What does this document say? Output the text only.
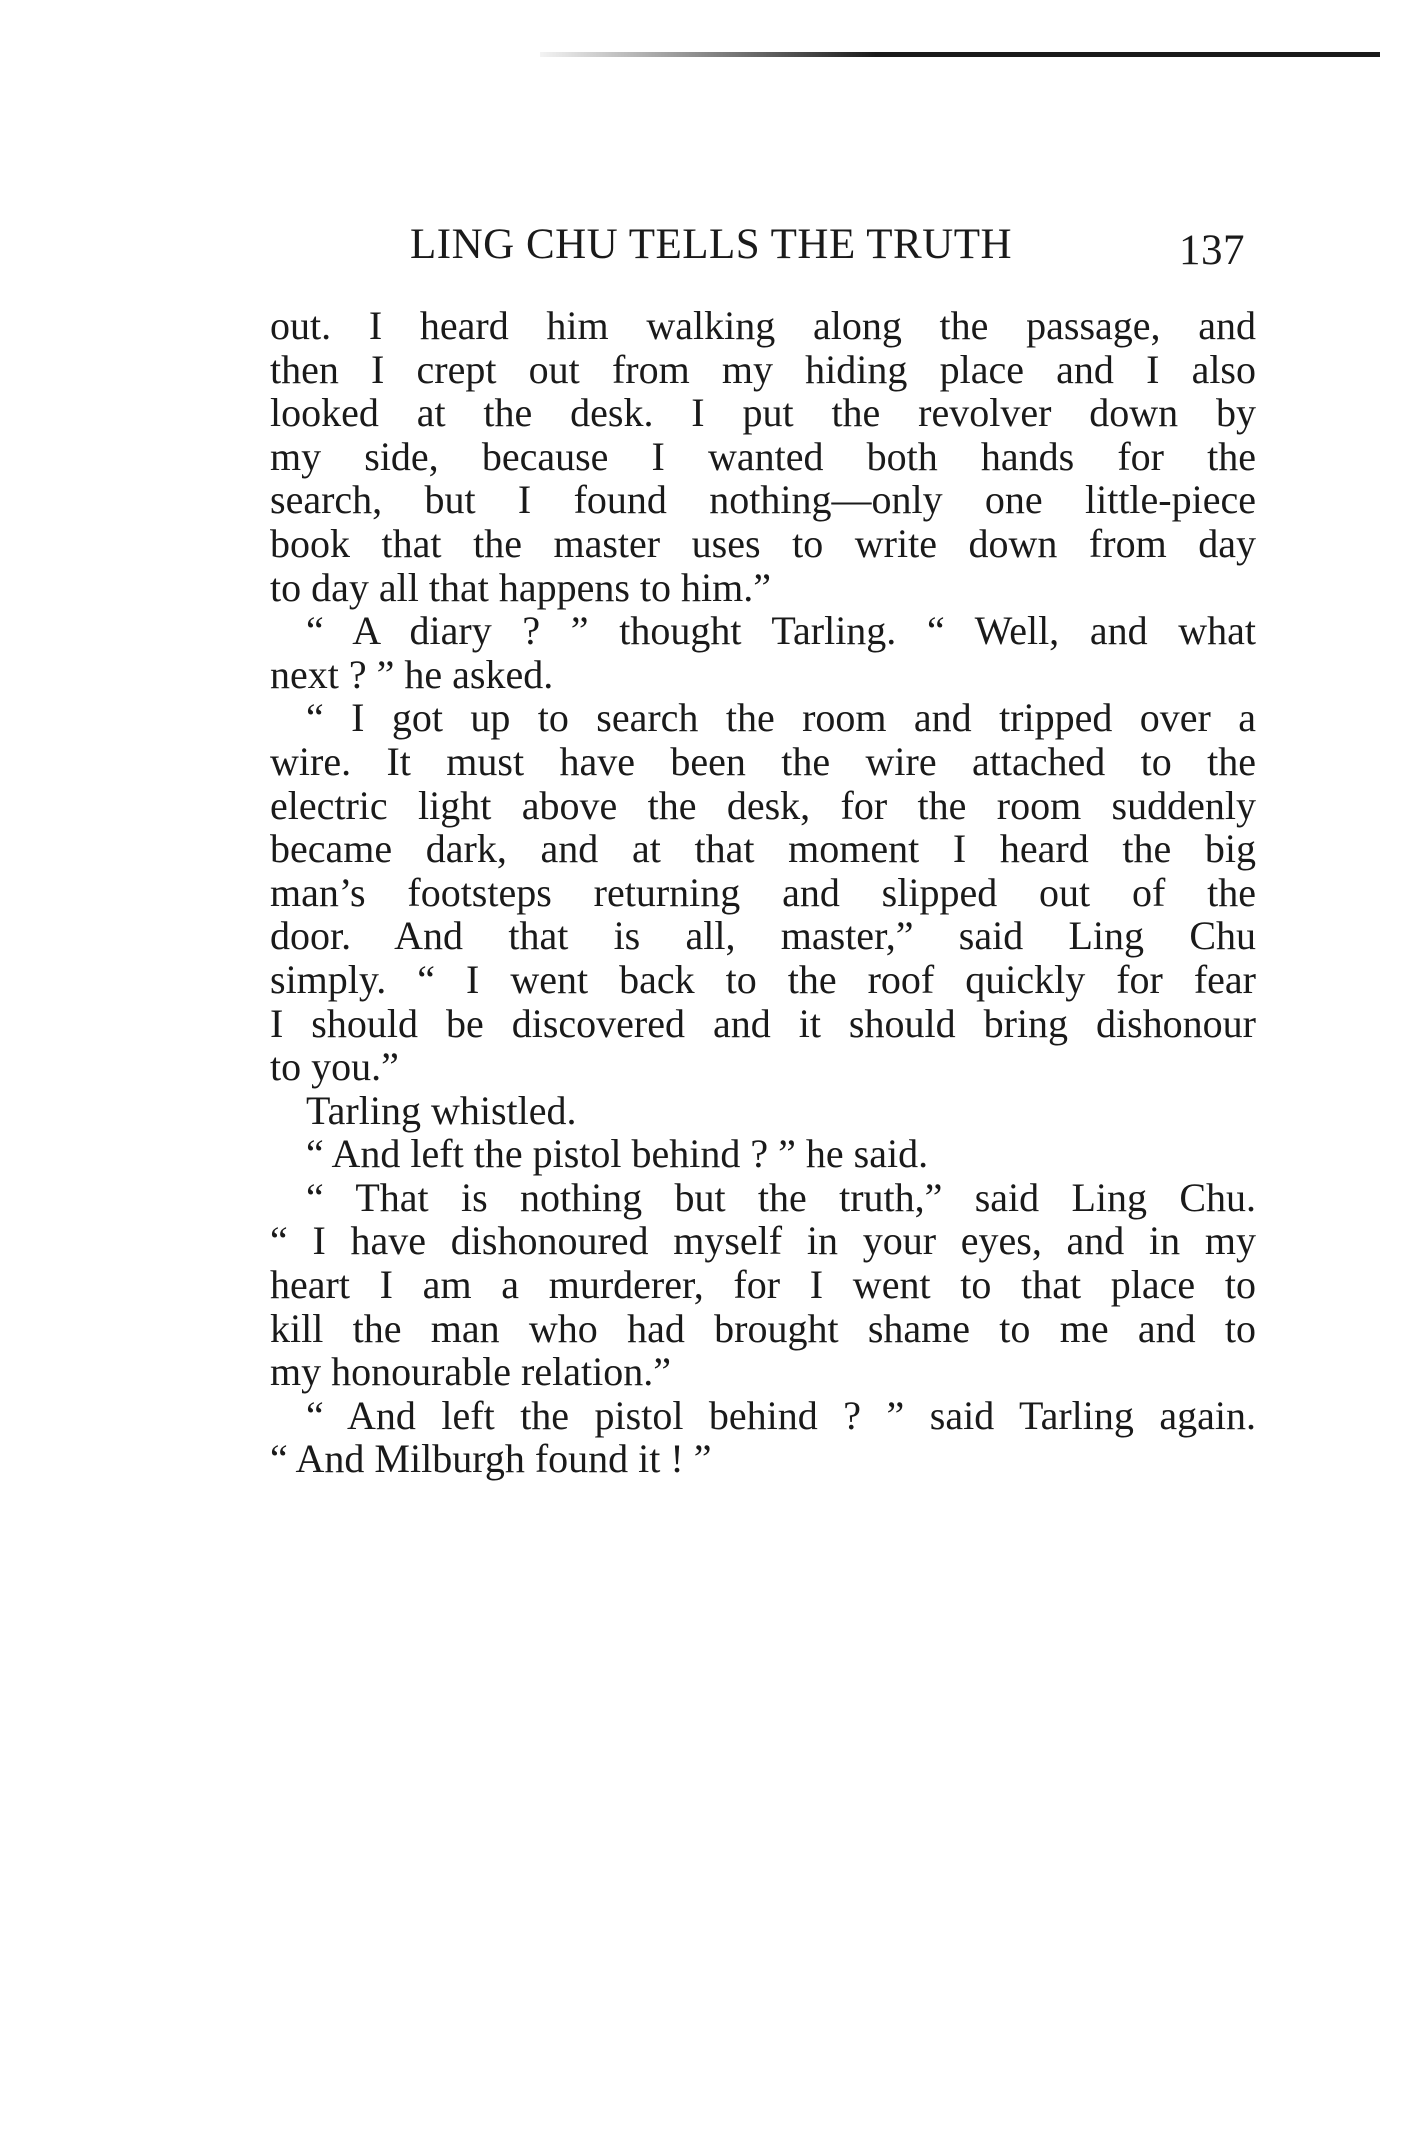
LING CHU TELLS THE TRUTH	137
out. I heard him walking along the passage, and
then I crept out from my hiding place and I also
looked at the desk. I put the revolver down by
my side, because I wanted both hands for the
search, but I found nothing—only one little-piece
book that the master uses to write down from day
to day all that happens to him.”
“ A diary ? ” thought Tarling. “ Well, and what
next ? ” he asked.
“ I got up to search the room and tripped over a
wire. It must have been the wire attached to the
electric light above the desk, for the room suddenly
became dark, and at that moment I heard the big
man’s footsteps returning and slipped out of the
door. And that is all, master,” said Ling Chu
simply. “ I went back to the roof quickly for fear
I should be discovered and it should bring dishonour
to you.”
Tarling whistled.
“ And left the pistol behind ? ” he said.
“ That is nothing but the truth,” said Ling Chu.
“ I have dishonoured myself in your eyes, and in my
heart I am a murderer, for I went to that place to
kill the man who had brought shame to me and to
my honourable relation.”
“ And left the pistol behind ? ” said Tarling again.
“ And Milburgh found it ! ”
